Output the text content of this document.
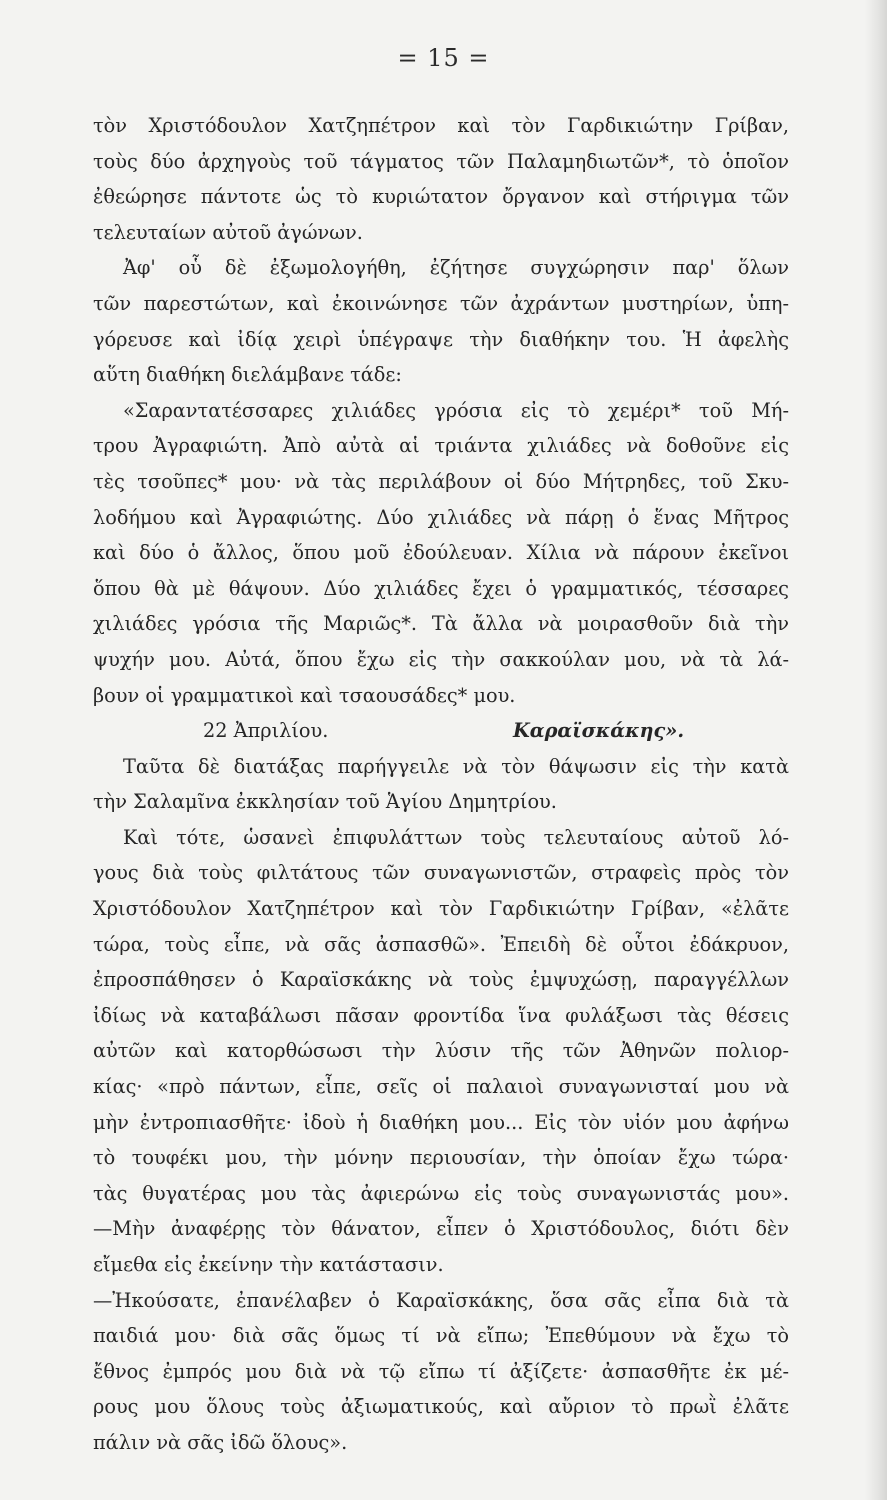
= 15 =
τὸν Χριστόδουλον Χατζηπέτρον καὶ τὸν Γαρδικιώτην Γρίβαν,
τοὺς δύο ἀρχηγοὺς τοῦ τάγματος τῶν Παλαμηδιωτῶν*, τὸ ὁποῖον
ἐθεώρησε πάντοτε ὡς τὸ κυριώτατον ὄργανον καὶ στήριγμα τῶν
τελευταίων αὐτοῦ ἀγώνων.
Ἀφ' οὗ δὲ ἐξωμολογήθη, ἐζήτησε συγχώρησιν παρ' ὅλων
τῶν παρεστώτων, καὶ ἐκοινώνησε τῶν ἀχράντων μυστηρίων, ὑπη-
γόρευσε καὶ ἰδίᾳ χειρὶ ὑπέγραψε τὴν διαθήκην του. Ἡ ἀφελὴς
αὕτη διαθήκη διελάμβανε τάδε:
«Σαραντατέσσαρες χιλιάδες γρόσια εἰς τὸ χεμέρι* τοῦ Μή-
τρου Ἀγραφιώτη. Ἀπὸ αὐτὰ αἱ τριάντα χιλιάδες νὰ δοθοῦνε εἰς
τὲς τσοῦπες* μου· νὰ τὰς περιλάβουν οἱ δύο Μήτρηδες, τοῦ Σκυ-
λοδήμου καὶ Ἀγραφιώτης. Δύο χιλιάδες νὰ πάρῃ ὁ ἕνας Μῆτρος
καὶ δύο ὁ ἄλλος, ὅπου μοῦ ἐδούλευαν. Χίλια νὰ πάρουν ἐκεῖνοι
ὅπου θὰ μὲ θάψουν. Δύο χιλιάδες ἔχει ὁ γραμματικός, τέσσαρες
χιλιάδες γρόσια τῆς Μαριῶς*. Τὰ ἄλλα νὰ μοιρασθοῦν διὰ τὴν
ψυχήν μου. Αὐτά, ὅπου ἔχω εἰς τὴν σακκούλαν μου, νὰ τὰ λά-
βουν οἱ γραμματικοὶ καὶ τσαουσάδες* μου.
22 Ἀπριλίου.	Καραϊσκάκης».
Ταῦτα δὲ διατάξας παρήγγειλε νὰ τὸν θάψωσιν εἰς τὴν κατὰ
τὴν Σαλαμῖνα ἐκκλησίαν τοῦ Ἁγίου Δημητρίου.
Καὶ τότε, ὡσανεὶ ἐπιφυλάττων τοὺς τελευταίους αὐτοῦ λό-
γους διὰ τοὺς φιλτάτους τῶν συναγωνιστῶν, στραφεὶς πρὸς τὸν
Χριστόδουλον Χατζηπέτρον καὶ τὸν Γαρδικιώτην Γρίβαν, «ἐλᾶτε
τώρα, τοὺς εἶπε, νὰ σᾶς ἀσπασθῶ». Ἐπειδὴ δὲ οὗτοι ἐδάκρυον,
ἐπροσπάθησεν ὁ Καραϊσκάκης νὰ τοὺς ἐμψυχώσῃ, παραγγέλλων
ἰδίως νὰ καταβάλωσι πᾶσαν φροντίδα ἵνα φυλάξωσι τὰς θέσεις
αὐτῶν καὶ κατορθώσωσι τὴν λύσιν τῆς τῶν Ἀθηνῶν πολιορ-
κίας· «πρὸ πάντων, εἶπε, σεῖς οἱ παλαιοὶ συναγωνισταί μου νὰ
μὴν ἐντροπιασθῆτε· ἰδοὺ ἡ διαθήκη μου... Εἰς τὸν υἱόν μου ἀφήνω
τὸ τουφέκι μου, τὴν μόνην περιουσίαν, τὴν ὁποίαν ἔχω τώρα·
τὰς θυγατέρας μου τὰς ἀφιερώνω εἰς τοὺς συναγωνιστάς μου».
—Μὴν ἀναφέρῃς τὸν θάνατον, εἶπεν ὁ Χριστόδουλος, διότι δὲν
εἴμεθα εἰς ἐκείνην τὴν κατάστασιν.
—Ἠκούσατε, ἐπανέλαβεν ὁ Καραϊσκάκης, ὅσα σᾶς εἶπα διὰ τὰ
παιδιά μου· διὰ σᾶς ὅμως τί νὰ εἴπω; Ἐπεθύμουν νὰ ἔχω τὸ
ἔθνος ἐμπρός μου διὰ νὰ τῷ εἴπω τί ἀξίζετε· ἀσπασθῆτε ἐκ μέ-
ρους μου ὅλους τοὺς ἀξιωματικούς, καὶ αὔριον τὸ πρωῒ ἐλᾶτε
πάλιν νὰ σᾶς ἰδῶ ὅλους».
